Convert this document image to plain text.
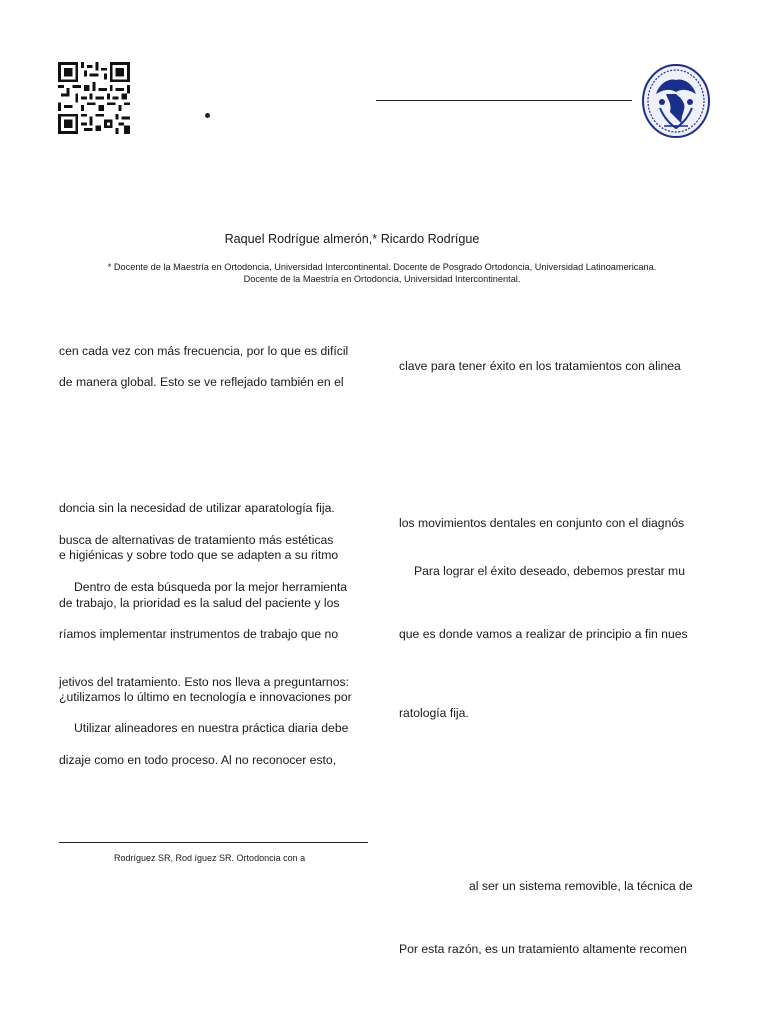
Raquel Rodrígue almerón,* Ricardo Rodrígue
* Docente de la Maestría en Ortodoncia, Universidad Intercontinental. Docente de Posgrado Ortodoncia, Universidad Latinoamericana.
Docente de la Maestría en Ortodoncia, Universidad Intercontinental.
cen cada vez con más frecuencia, por lo que es difícil
de manera global. Esto se ve reflejado también en el
doncia sin la necesidad de utilizar aparatología fija.
busca de alternativas de tratamiento más estéticas
e higiénicas y sobre todo que se adapten a su ritmo
Dentro de esta búsqueda por la mejor herramienta
de trabajo, la prioridad es la salud del paciente y los
ríamos implementar instrumentos de trabajo que no
jetivos del tratamiento. Esto nos lleva a preguntarnos:
¿utilizamos lo último en tecnología e innovaciones por
Utilizar alineadores en nuestra práctica diaria debe
dizaje como en todo proceso. Al no reconocer esto,
Rodríguez SR, Rod íguez SR. Ortodoncia con a
clave para tener éxito en los tratamientos con alinea
los movimientos dentales en conjunto con el diagnós
Para lograr el éxito deseado, debemos prestar mu
que es donde vamos a realizar de principio a fin nues
ratología fija.
al ser un sistema removible, la técnica de
Por esta razón, es un tratamiento altamente recomen
